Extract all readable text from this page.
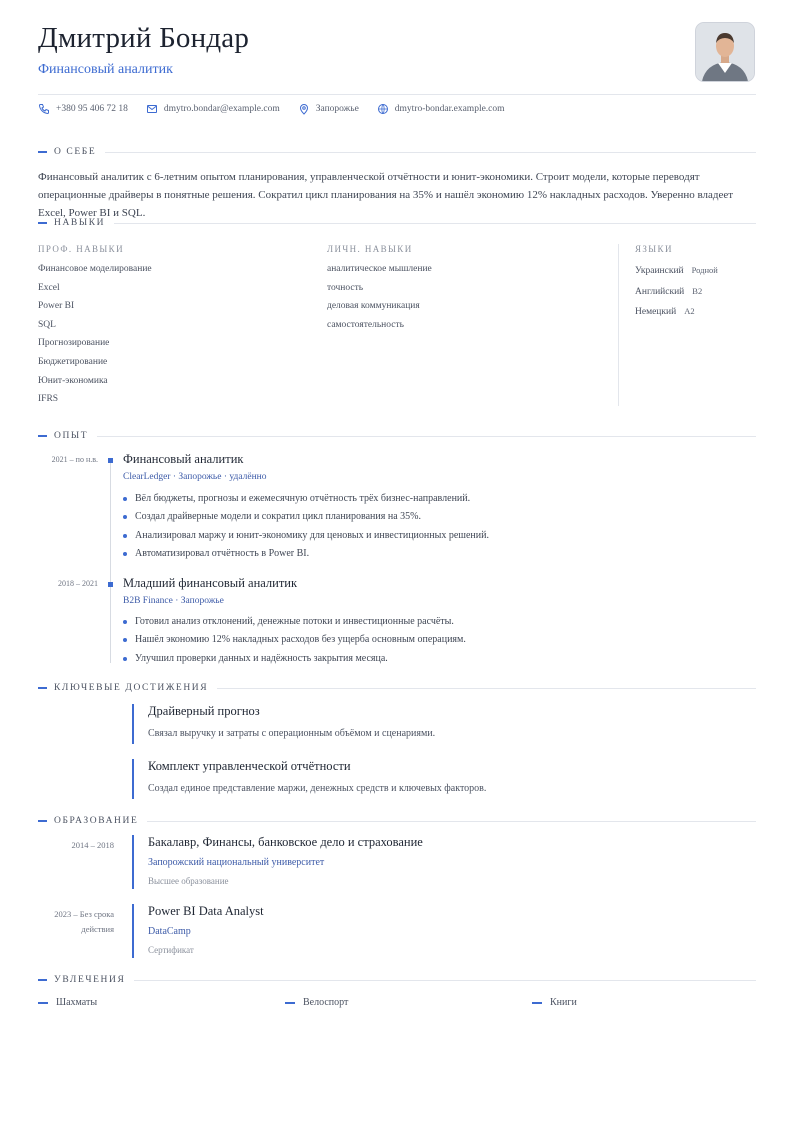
Дмитрий Бондар
Финансовый аналитик
+380 95 406 72 18	dmytro.bondar@example.com	Запорожье	dmytro-bondar.example.com
О СЕБЕ
Финансовый аналитик с 6-летним опытом планирования, управленческой отчётности и юнит-экономики. Строит модели, которые переводят операционные драйверы в понятные решения. Сократил цикл планирования на 35% и нашёл экономию 12% накладных расходов. Уверенно владеет Excel, Power BI и SQL.
НАВЫКИ
ПРОФ. НАВЫКИ
Финансовое моделирование
Excel
Power BI
SQL
Прогнозирование
Бюджетирование
Юнит-экономика
IFRS
ЛИЧН. НАВЫКИ
аналитическое мышление
точность
деловая коммуникация
самостоятельность
ЯЗЫКИ
Украинский Родной
Английский B2
Немецкий A2
ОПЫТ
2021 – по н.в. Финансовый аналитик
ClearLedger · Запорожье · удалённо
Вёл бюджеты, прогнозы и ежемесячную отчётность трёх бизнес-направлений.
Создал драйверные модели и сократил цикл планирования на 35%.
Анализировал маржу и юнит-экономику для ценовых и инвестиционных решений.
Автоматизировал отчётность в Power BI.
2018 – 2021 Младший финансовый аналитик
B2B Finance · Запорожье
Готовил анализ отклонений, денежные потоки и инвестиционные расчёты.
Нашёл экономию 12% накладных расходов без ущерба основным операциям.
Улучшил проверки данных и надёжность закрытия месяца.
КЛЮЧЕВЫЕ ДОСТИЖЕНИЯ
Драйверный прогноз
Связал выручку и затраты с операционным объёмом и сценариями.
Комплект управленческой отчётности
Создал единое представление маржи, денежных средств и ключевых факторов.
ОБРАЗОВАНИЕ
2014 – 2018	Бакалавр, Финансы, банковское дело и страхование
Запорожский национальный университет
Высшее образование
2023 – Без срока действия
Power BI Data Analyst
DataCamp
Сертификат
УВЛЕЧЕНИЯ
Шахматы	Велоспорт	Книги
